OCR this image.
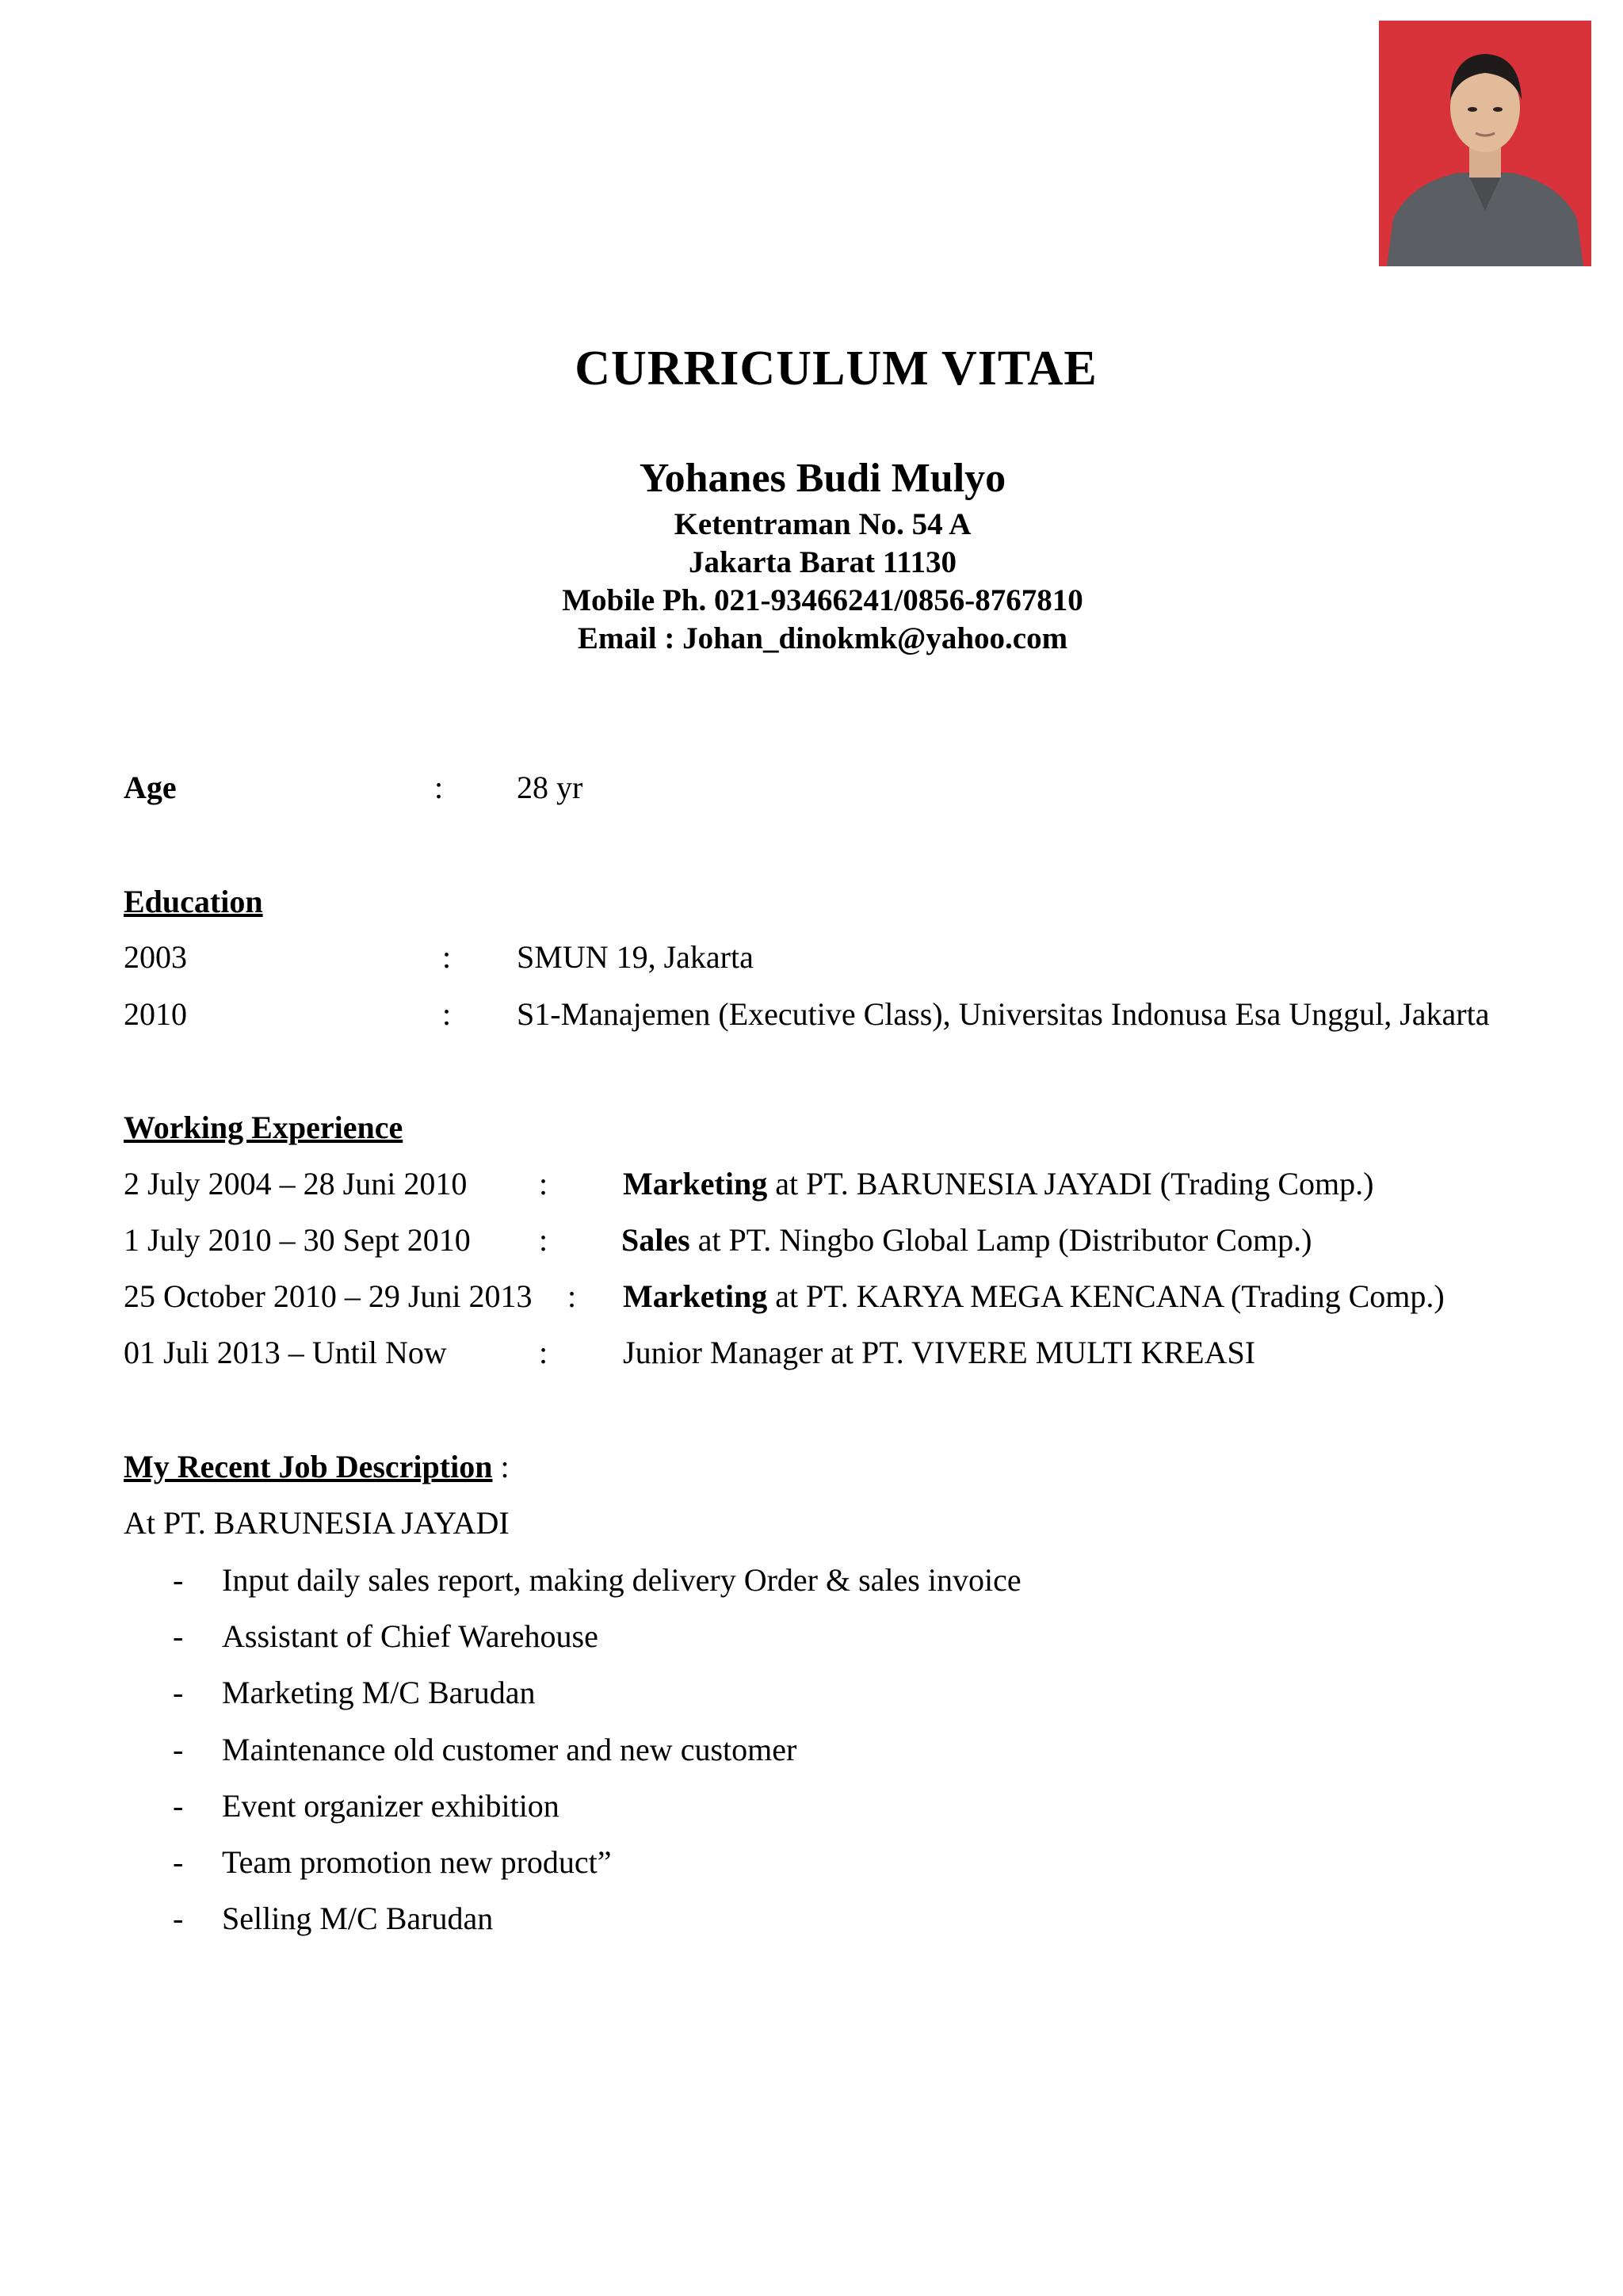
CURRICULUM VITAE
Yohanes Budi Mulyo
Ketentraman No. 54 A
Jakarta Barat 11130
Mobile Ph. 021-93466241/0856-8767810
Email : Johan_dinokmk@yahoo.com
Age	: 28 yr
Education
2003	: SMUN 19, Jakarta
2010	: S1-Manajemen (Executive Class), Universitas Indonusa Esa Unggul, Jakarta
Working Experience
2 July 2004 – 28 Juni 2010 : Marketing at PT. BARUNESIA JAYADI (Trading Comp.)
1 July 2010 – 30 Sept 2010 : Sales at PT. Ningbo Global Lamp (Distributor Comp.)
25 October 2010 – 29 Juni 2013 : Marketing at PT. KARYA MEGA KENCANA (Trading Comp.)
01 Juli 2013 – Until Now	: Junior Manager at PT. VIVERE MULTI KREASI
My Recent Job Description :
At PT. BARUNESIA JAYADI
- Input daily sales report, making delivery Order & sales invoice
- Assistant of Chief Warehouse
- Marketing M/C Barudan
- Maintenance old customer and new customer
- Event organizer exhibition
- Team promotion new product”
- Selling M/C Barudan
